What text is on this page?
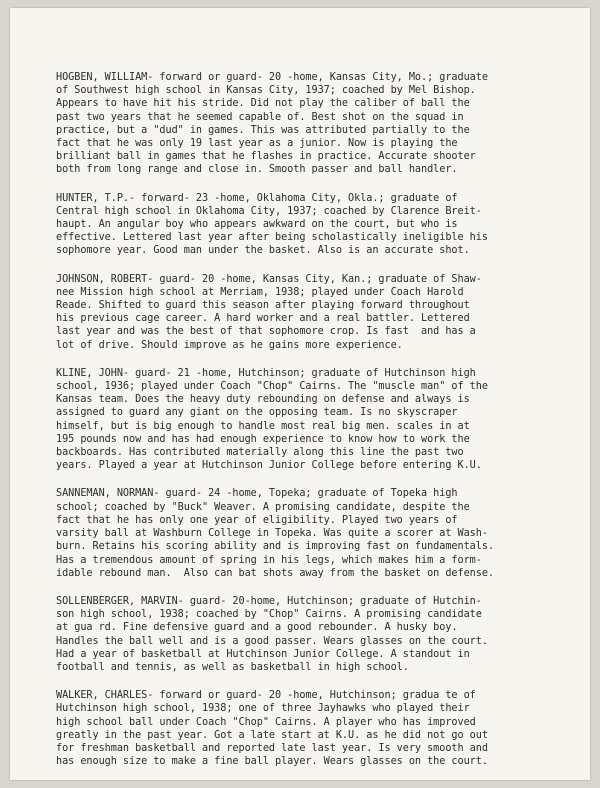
HOGBEN, WILLIAM- forward or guard- 20 -home, Kansas City, Mo.; graduate
of Southwest high school in Kansas City, 1937; coached by Mel Bishop.
Appears to have hit his stride. Did not play the caliber of ball the
past two years that he seemed capable of. Best shot on the squad in
practice, but a "dud" in games. This was attributed partially to the
fact that he was only 19 last year as a junior. Now is playing the
brilliant ball in games that he flashes in practice. Accurate shooter
both from long range and close in. Smooth passer and ball handler.
HUNTER, T.P.- forward- 23 -home, Oklahoma City, Okla.; graduate of
Central high school in Oklahoma City, 1937; coached by Clarence Breit-
haupt. An angular boy who appears awkward on the court, but who is
effective. Lettered last year after being scholastically ineligible his
sophomore year. Good man under the basket. Also is an accurate shot.
JOHNSON, ROBERT- guard- 20 -home, Kansas City, Kan.; graduate of Shaw-
nee Mission high school at Merriam, 1938; played under Coach Harold
Reade. Shifted to guard this season after playing forward throughout
his previous cage career. A hard worker and a real battler. Lettered
last year and was the best of that sophomore crop. Is fast  and has a
lot of drive. Should improve as he gains more experience.
KLINE, JOHN- guard- 21 -home, Hutchinson; graduate of Hutchinson high
school, 1936; played under Coach "Chop" Cairns. The "muscle man" of the
Kansas team. Does the heavy duty rebounding on defense and always is
assigned to guard any giant on the opposing team. Is no skyscraper
himself, but is big enough to handle most real big men. scales in at
195 pounds now and has had enough experience to know how to work the
backboards. Has contributed materially along this line the past two
years. Played a year at Hutchinson Junior College before entering K.U.
SANNEMAN, NORMAN- guard- 24 -home, Topeka; graduate of Topeka high
school; coached by "Buck" Weaver. A promising candidate, despite the
fact that he has only one year of eligibility. Played two years of
varsity ball at Washburn College in Topeka. Was quite a scorer at Wash-
burn. Retains his scoring ability and is improving fast on fundamentals.
Has a tremendous amount of spring in his legs, which makes him a form-
idable rebound man.  Also can bat shots away from the basket on defense.
SOLLENBERGER, MARVIN- guard- 20-home, Hutchinson; graduate of Hutchin-
son high school, 1938; coached by "Chop" Cairns. A promising candidate
at gua rd. Fine defensive guard and a good rebounder. A husky boy.
Handles the ball well and is a good passer. Wears glasses on the court.
Had a year of basketball at Hutchinson Junior College. A standout in
football and tennis, as well as basketball in high school.
WALKER, CHARLES- forward or guard- 20 -home, Hutchinson; gradua te of
Hutchinson high school, 1938; one of three Jayhawks who played their
high school ball under Coach "Chop" Cairns. A player who has improved
greatly in the past year. Got a late start at K.U. as he did not go out
for freshman basketball and reported late last year. Is very smooth and
has enough size to make a fine ball player. Wears glasses on the court.
